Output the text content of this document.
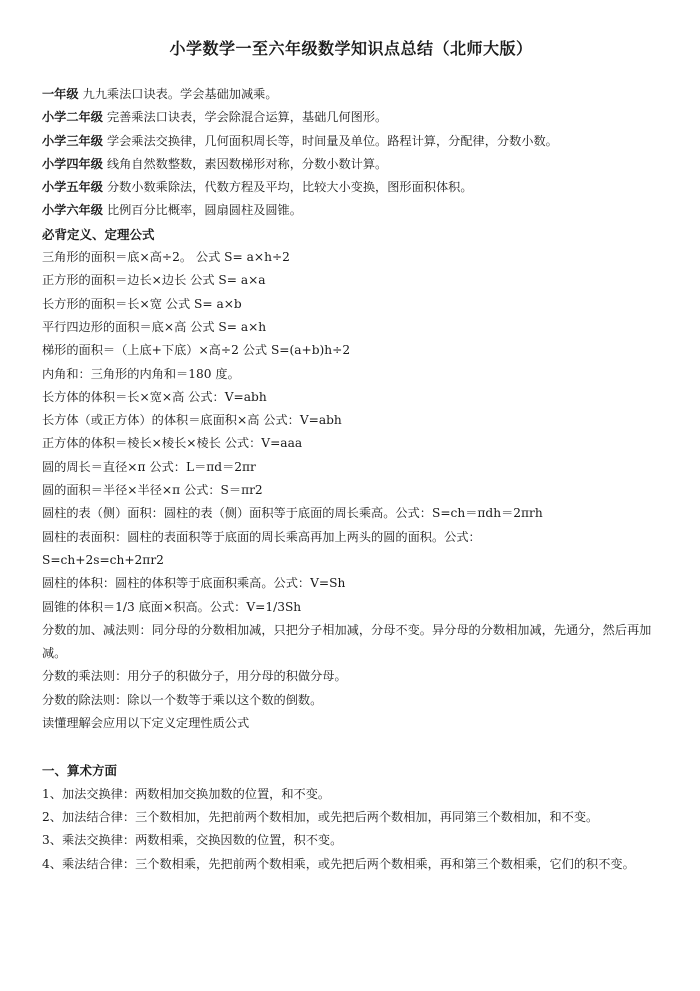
小学数学一至六年级数学知识点总结（北师大版）
一年级 九九乘法口诀表。学会基础加减乘。
小学二年级 完善乘法口诀表，学会除混合运算，基础几何图形。
小学三年级 学会乘法交换律，几何面积周长等，时间量及单位。路程计算，分配律，分数小数。
小学四年级 线角自然数整数，素因数梯形对称，分数小数计算。
小学五年级 分数小数乘除法，代数方程及平均，比较大小变换，图形面积体积。
小学六年级 比例百分比概率，圆扇圆柱及圆锥。
必背定义、定理公式
三角形的面积＝底×高÷2。 公式 S= a×h÷2
正方形的面积＝边长×边长 公式 S= a×a
长方形的面积＝长×宽 公式 S= a×b
平行四边形的面积＝底×高 公式 S= a×h
梯形的面积＝（上底+下底）×高÷2 公式 S=(a+b)h÷2
内角和：三角形的内角和＝180 度。
长方体的体积＝长×宽×高 公式：V=abh
长方体（或正方体）的体积＝底面积×高 公式：V=abh
正方体的体积＝棱长×棱长×棱长 公式：V=aaa
圆的周长＝直径×π 公式：L＝πd＝2πr
圆的面积＝半径×半径×π 公式：S＝πr2
圆柱的表（侧）面积：圆柱的表（侧）面积等于底面的周长乘高。公式：S=ch＝πdh＝2πrh
圆柱的表面积：圆柱的表面积等于底面的周长乘高再加上两头的圆的面积。公式：
S=ch+2s=ch+2πr2
圆柱的体积：圆柱的体积等于底面积乘高。公式：V=Sh
圆锥的体积＝1/3 底面×积高。公式：V=1/3Sh
分数的加、减法则：同分母的分数相加减，只把分子相加减，分母不变。异分母的分数相加减，先通分，然后再加减。
分数的乘法则：用分子的积做分子，用分母的积做分母。
分数的除法则：除以一个数等于乘以这个数的倒数。
读懂理解会应用以下定义定理性质公式
一、算术方面
1、加法交换律：两数相加交换加数的位置，和不变。
2、加法结合律：三个数相加，先把前两个数相加，或先把后两个数相加，再同第三个数相加，和不变。
3、乘法交换律：两数相乘，交换因数的位置，积不变。
4、乘法结合律：三个数相乘，先把前两个数相乘，或先把后两个数相乘，再和第三个数相乘，它们的积不变。
